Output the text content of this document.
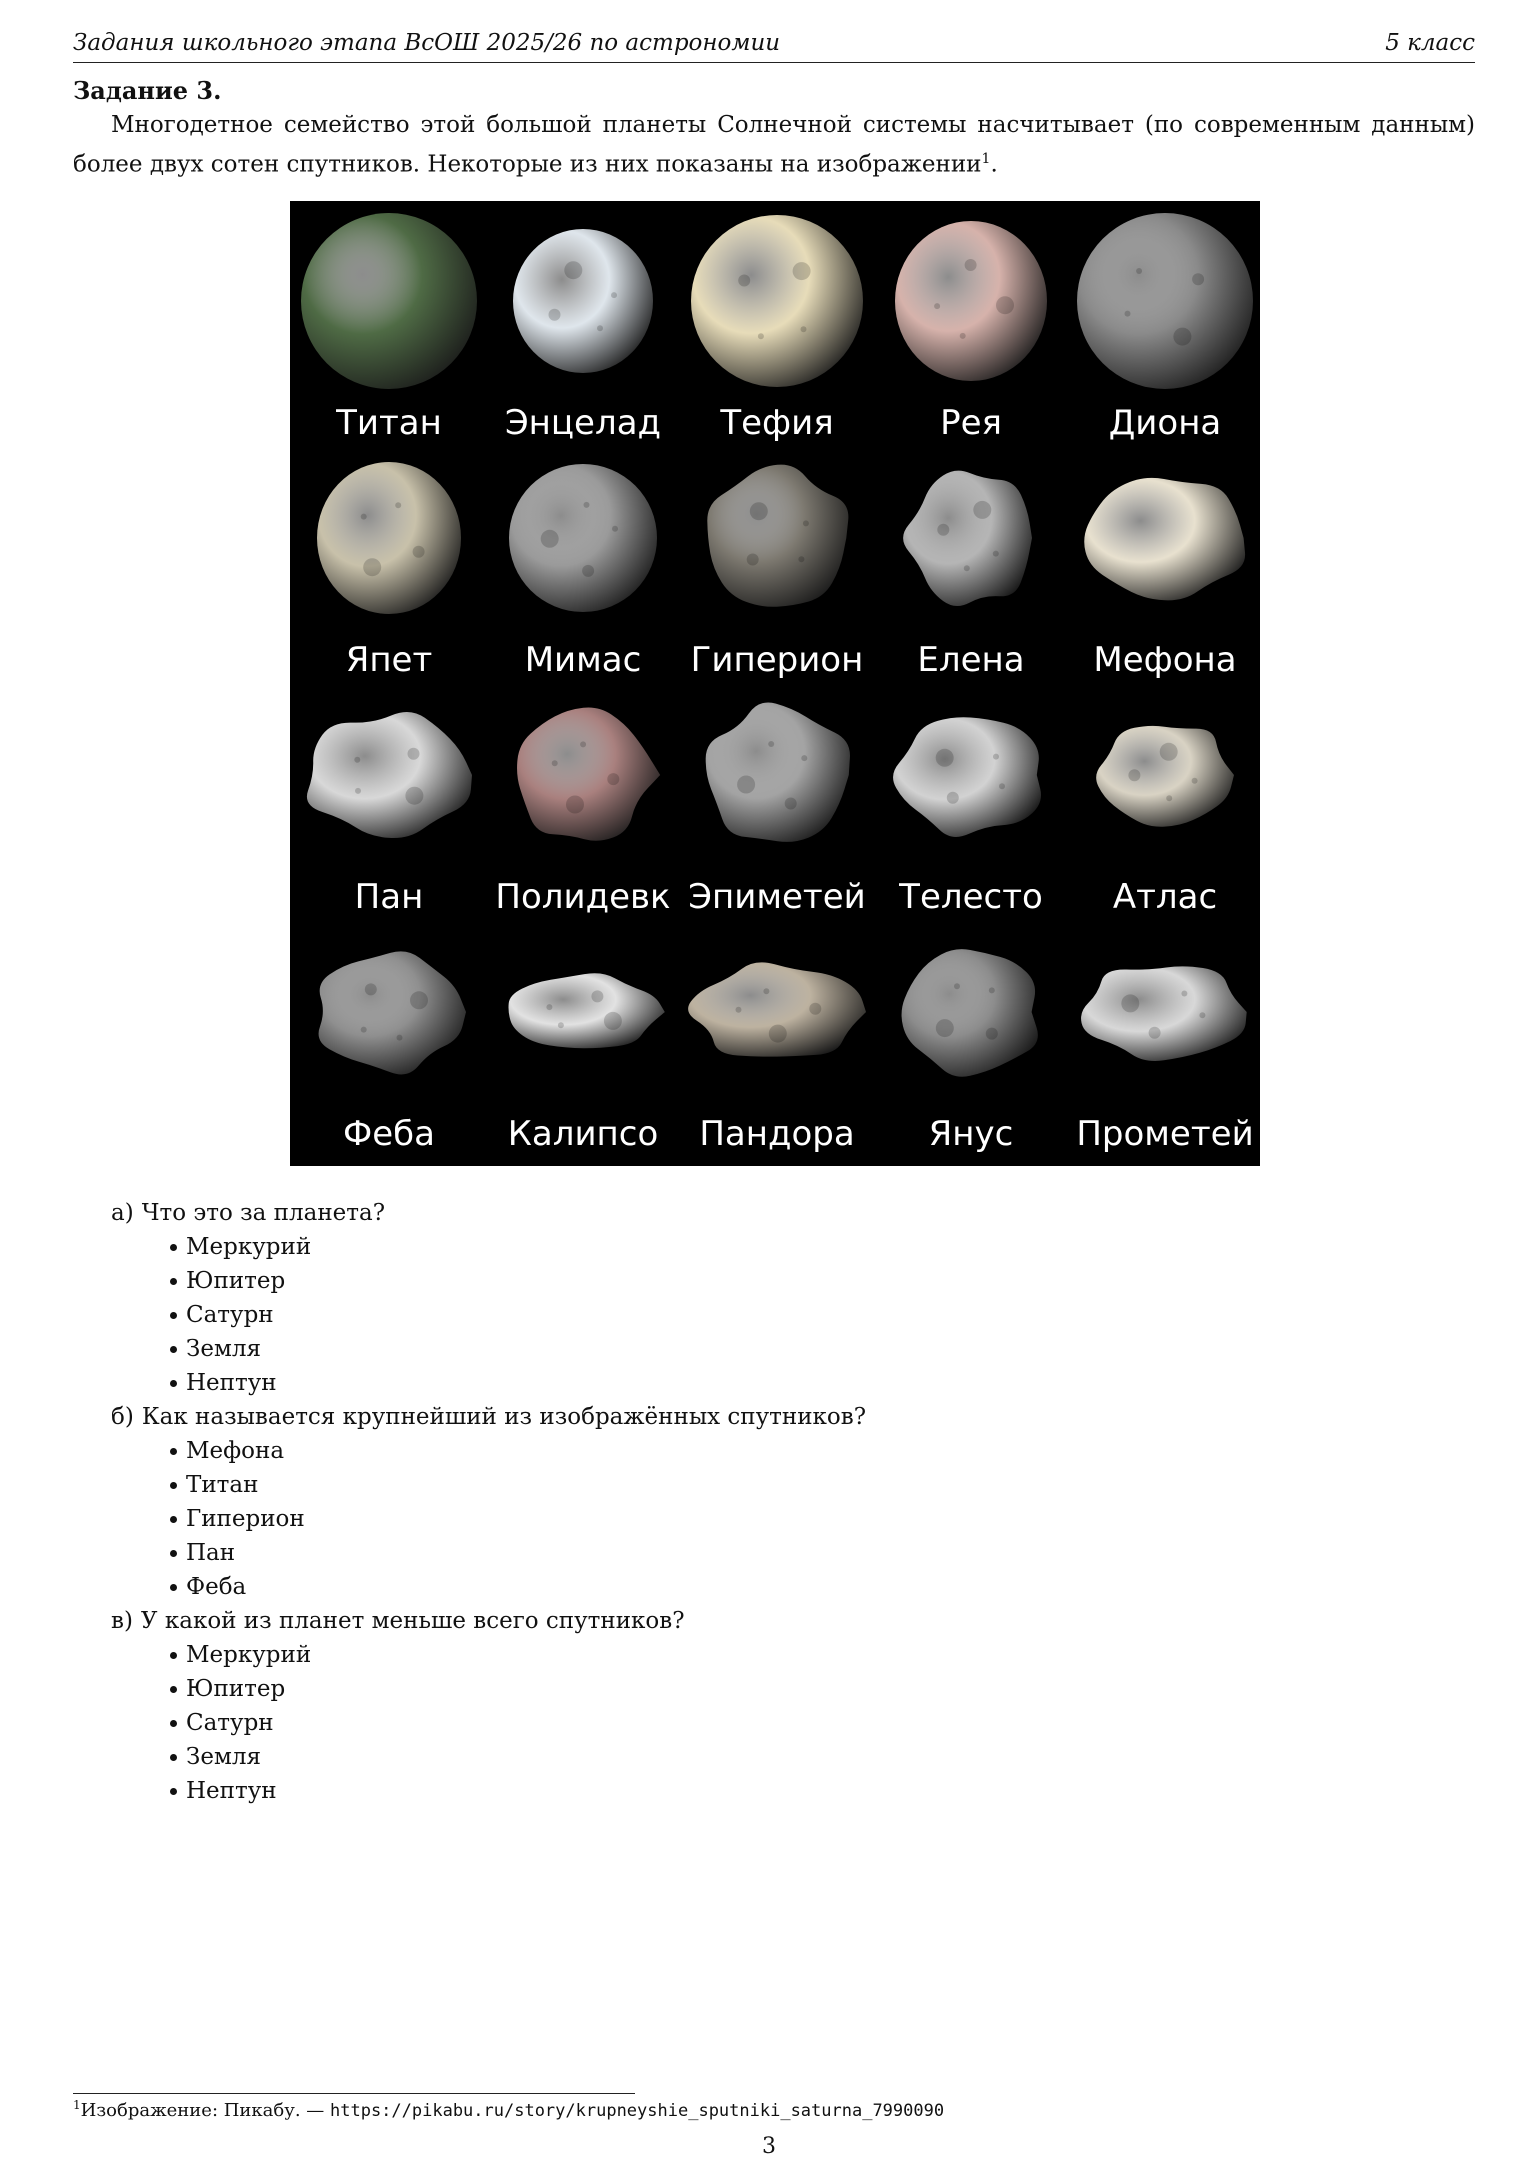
Задания школьного этапа ВсОШ 2025/26 по астрономии	5 класс
Задание 3.
Многодетное семейство этой большой планеты Солнечной системы насчитывает (по современным данным) более двух сотен спутников. Некоторые из них показаны на изображении$^1$.
Титан Энцелад Тефия	Рея	Диона
Япет	Мимас Гиперион Елена Мефона
Пан Полидевк Эпиметей Телесто Атлас
Феба Калипсо Пандора Янус Прометей
а) Что это за планета?
Меркурий
Юпитер
Сатурн
Земля
Нептун
б) Как называется крупнейший из изображённых спутников?
Мефона
Титан
Гиперион
Пан
Феба
в) У какой из планет меньше всего спутников?
Меркурий
Юпитер
Сатурн
Земля
Нептун
$^1$Изображение: Пикабу. — https://pikabu.ru/story/krupneyshie_sputniki_saturna_7990090
3
